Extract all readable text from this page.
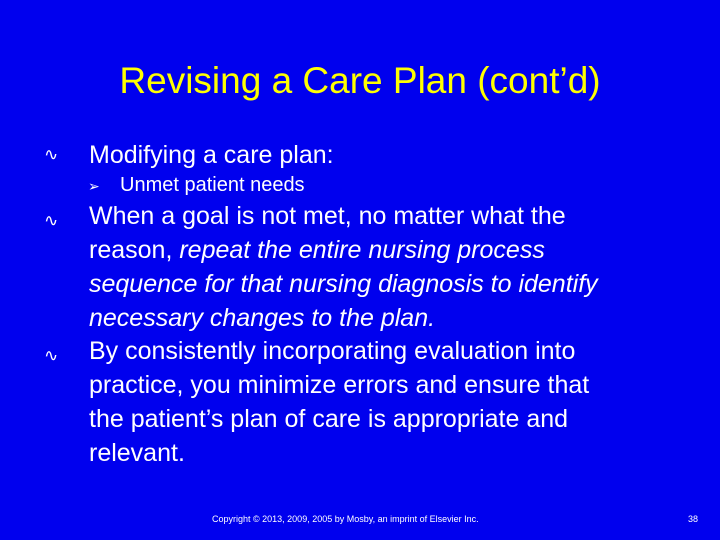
Revising a Care Plan (cont’d)
∿ Modifying a care plan:
➢ Unmet patient needs
∿ When a goal is not met, no matter what the
reason, repeat the entire nursing process
sequence for that nursing diagnosis to identify
necessary changes to the plan.
∿ By consistently incorporating evaluation into
practice, you minimize errors and ensure that
the patient’s plan of care is appropriate and
relevant.
Copyright © 2013, 2009, 2005 by Mosby, an imprint of Elsevier Inc.	38
